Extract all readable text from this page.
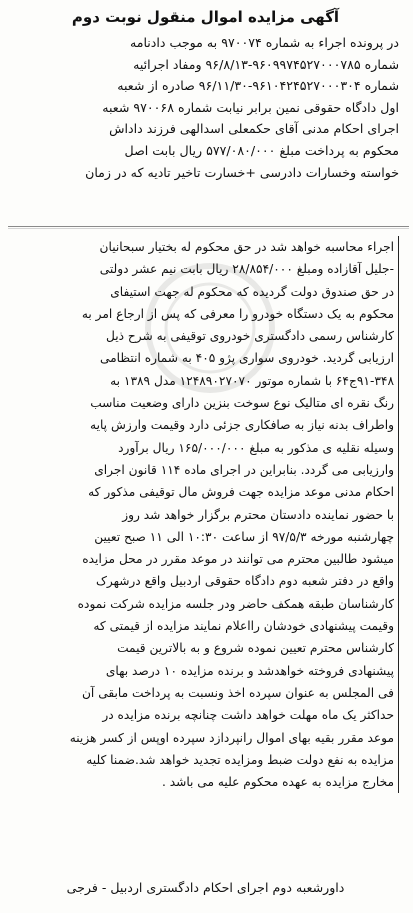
آگهی مزایده اموال منقول نوبت دوم
در پرونده اجراء به شماره ۹۷۰۰۷۴ به موجب دادنامه
شماره ۹۶۰۹۹۷۴۵۲۷۰۰۰۷۸۵-۹۶/۸/۱۳ ومفاد اجرائیه
شماره ۹۶۱۰۴۲۴۵۲۷۰۰۰۳۰۴-۹۶/۱۱/۳۰ صادره از شعبه
اول دادگاه حقوقی نمین برابر نیابت شماره ۹۷۰۰۶۸ شعبه
اجرای احکام مدنی آقای حکمعلی اسدالهی فرزند داداش
محکوم به پرداخت مبلغ ۵۷۷/۰۸۰/۰۰۰ ریال بابت اصل
خواسته وخسارات دادرسی +خسارت تاخیر تادیه که در زمان
اجراء محاسبه خواهد شد در حق محکوم له بختیار سبحانیان
-جلیل آقازاده ومبلغ ۲۸/۸۵۴/۰۰۰ ریال بابت نیم عشر دولتی
در حق صندوق دولت گردیده که محکوم له جهت استیفای
محکوم به یک دستگاه خودرو را معرفی که پس از ارجاع امر به
کارشناس رسمی دادگستری خودروی توقیفی به شرح ذیل
ارزیابی گردید. خودروی سواری پژو ۴۰۵ به شماره انتظامی
۹۱-۳۴۸ج۶۴ با شماره موتور ۱۲۴۸۹۰۲۷۰۷۰ مدل ۱۳۸۹ به
رنگ نقره ای متالیک نوع سوخت بنزین دارای وضعیت مناسب
واطراف بدنه نیاز به صافکاری جزئی دارد وقیمت وارزش پایه
وسیله نقلیه ی مذکور به مبلغ ۱۶۵/۰۰۰/۰۰۰ ریال برآورد
وارزیابی می گردد. بنابراین در اجرای ماده ۱۱۴ قانون اجرای
احکام مدنی موعد مزایده جهت فروش مال توقیفی مذکور که
با حضور نماینده دادستان محترم برگزار خواهد شد روز
چهارشنبه مورخه ۹۷/۵/۳ از ساعت ۱۰:۳۰ الی ۱۱ صبح تعیین
میشود طالبین محترم می توانند در موعد مقرر در محل مزایده
واقع در دفتر شعبه دوم دادگاه حقوقی اردبیل واقع درشهرک
کارشناسان طبقه همکف حاضر ودر جلسه مزایده شرکت نموده
وقیمت پیشنهادی خودشان رااعلام نمایند مزایده از قیمتی که
کارشناس محترم تعیین نموده شروع و به بالاترین قیمت
پیشنهادی فروخته خواهدشد و برنده مزایده ۱۰ درصد بهای
فی المجلس به عنوان سپرده اخذ ونسبت به پرداخت مابقی آن
حداکثر یک ماه مهلت خواهد داشت چنانچه برنده مزایده در
موعد مقرر بقیه بهای اموال رانپردازد سپرده اوپس از کسر هزینه
مزایده به نفع دولت ضبط ومزایده تجدید خواهد شد.ضمنا کلیه
مخارج مزایده به عهده محکوم علیه می باشد .
داورشعبه دوم اجرای احکام دادگستری اردبیل - فرجی
